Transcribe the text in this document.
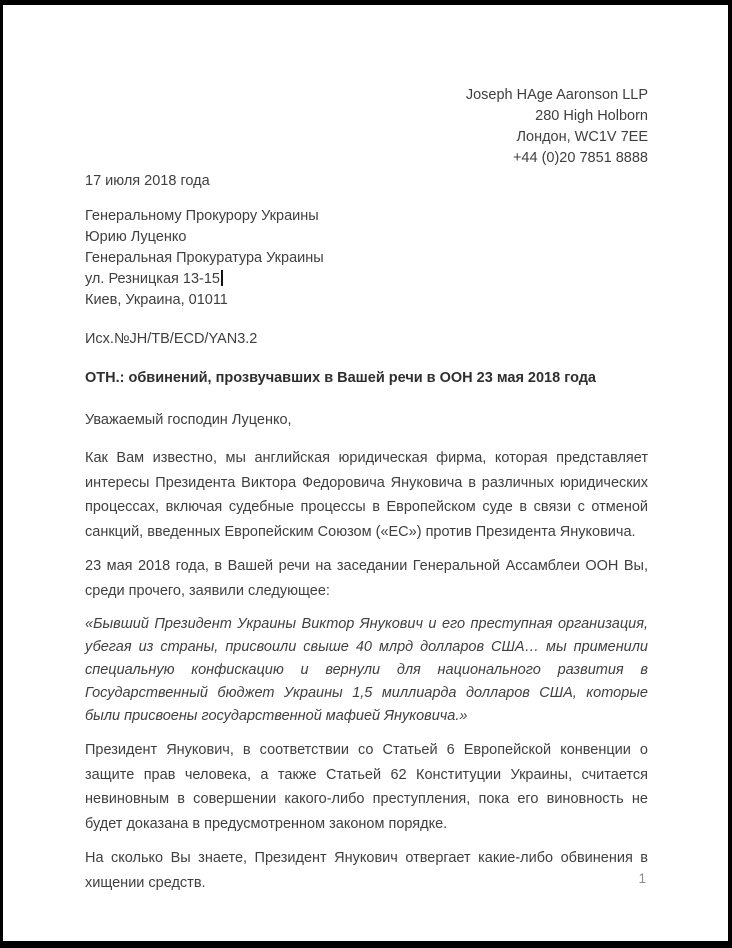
Joseph HAge Aaronson LLP
280 High Holborn
Лондон, WC1V 7EE
+44 (0)20 7851 8888
17 июля 2018 года
Генеральному Прокурору Украины
Юрию Луценко
Генеральная Прокуратура Украины
ул. Резницкая 13-15
Киев, Украина, 01011
Исх.№JH/TB/ECD/YAN3.2
ОТН.: обвинений, прозвучавших в Вашей речи в ООН 23 мая 2018 года
Уважаемый господин Луценко,

Как Вам известно, мы английская юридическая фирма, которая представляет интересы Президента Виктора Федоровича Януковича в различных юридических процессах, включая судебные процессы в Европейском суде в связи с отменой санкций, введенных Европейским Союзом («ЕС») против Президента Януковича.

23 мая 2018 года, в Вашей речи на заседании Генеральной Ассамблеи ООН Вы, среди прочего, заявили следующее:

«Бывший Президент Украины Виктор Янукович и его преступная организация, убегая из страны, присвоили свыше 40 млрд долларов США… мы применили специальную конфискацию и вернули для национального развития в Государственный бюджет Украины 1,5 миллиарда долларов США, которые были присвоены государственной мафией Януковича.»

Президент Янукович, в соответствии со Статьей 6 Европейской конвенции о защите прав человека, а также Статьей 62 Конституции Украины, считается невиновным в совершении какого-либо преступления, пока его виновность не будет доказана в предусмотренном законом порядке.

На сколько Вы знаете, Президент Янукович отвергает какие-либо обвинения в хищении средств.	1
